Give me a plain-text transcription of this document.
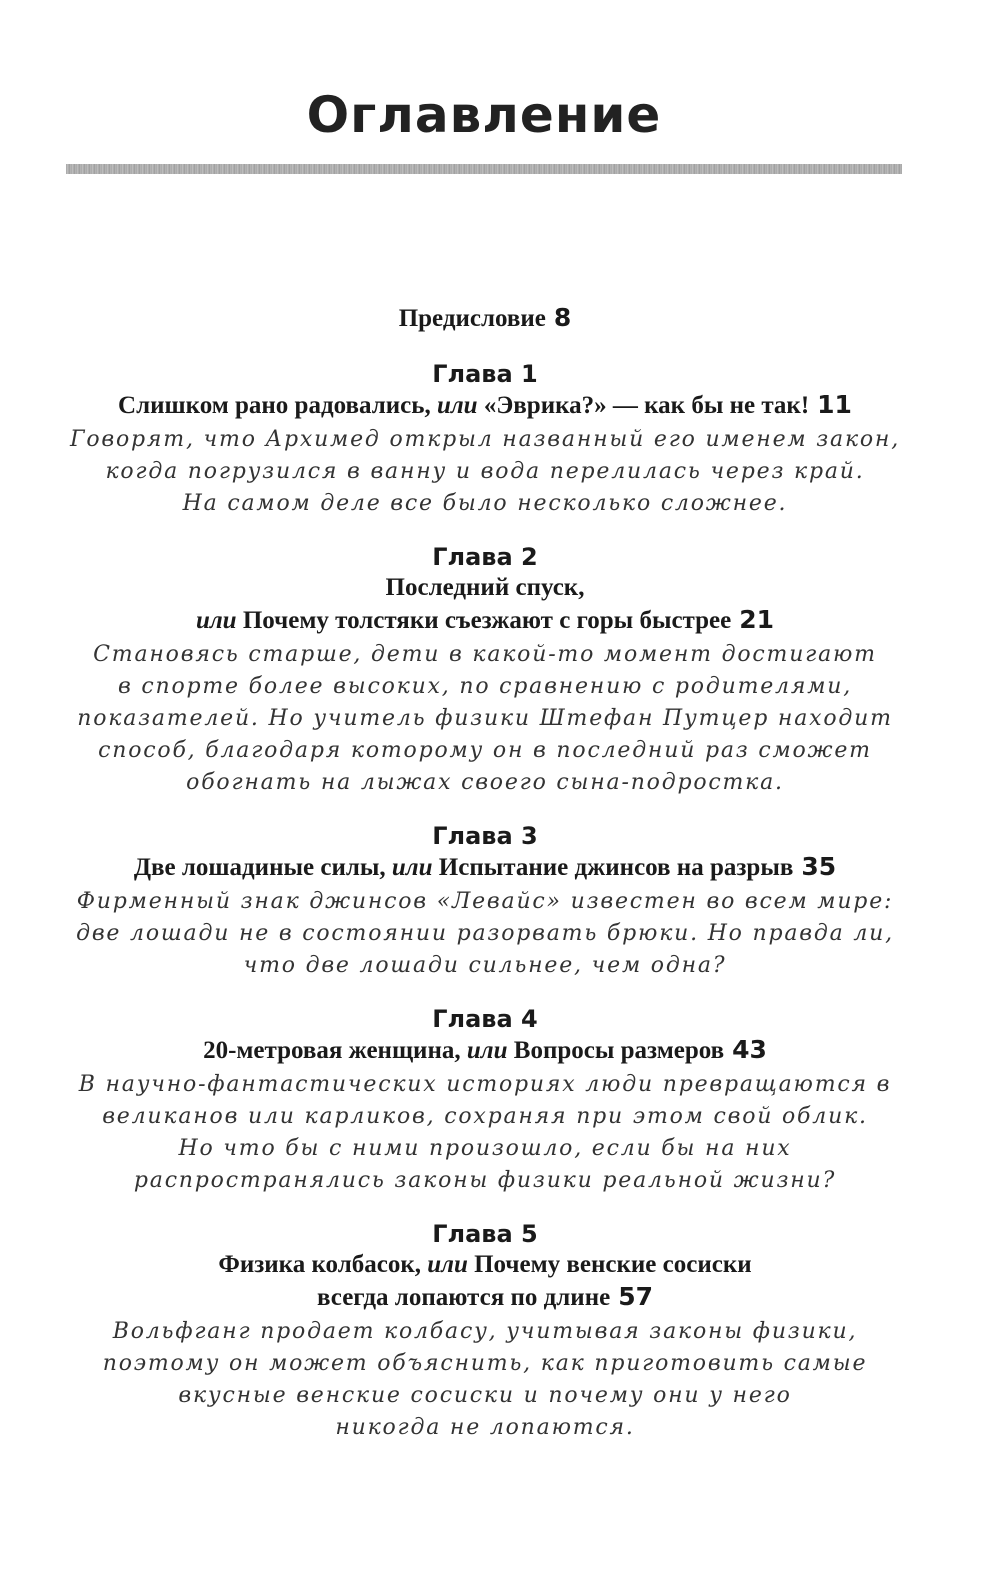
Оглавление
Предисловие 8
Глава 1
Слишком рано радовались, или «Эврика?» — как бы не так! 11
Говорят, что Архимед открыл названный его именем закон,
когда погрузился в ванну и вода перелилась через край.
На самом деле все было несколько сложнее.
Глава 2
Последний спуск,
или Почему толстяки съезжают с горы быстрее 21
Становясь старше, дети в какой-то момент достигают
в спорте более высоких, по сравнению с родителями,
показателей. Но учитель физики Штефан Путцер находит
способ, благодаря которому он в последний раз сможет
обогнать на лыжах своего сына-подростка.
Глава 3
Две лошадиные силы, или Испытание джинсов на разрыв 35
Фирменный знак джинсов «Левайс» известен во всем мире:
две лошади не в состоянии разорвать брюки. Но правда ли,
что две лошади сильнее, чем одна?
Глава 4
20-метровая женщина, или Вопросы размеров 43
В научно-фантастических историях люди превращаются в
великанов или карликов, сохраняя при этом свой облик.
Но что бы с ними произошло, если бы на них
распространялись законы физики реальной жизни?
Глава 5
Физика колбасок, или Почему венские сосиски
всегда лопаются по длине 57
Вольфганг продает колбасу, учитывая законы физики,
поэтому он может объяснить, как приготовить самые
вкусные венские сосиски и почему они у него
никогда не лопаются.
